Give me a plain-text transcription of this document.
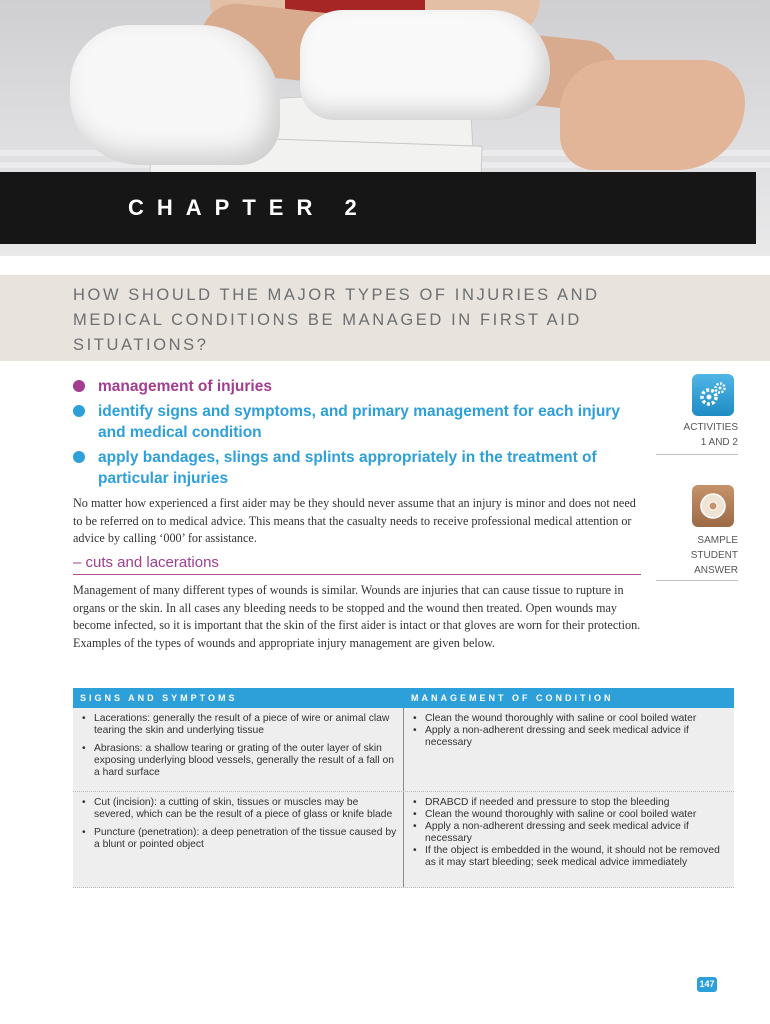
CHAPTER 2
HOW SHOULD THE MAJOR TYPES OF INJURIES AND MEDICAL CONDITIONS BE MANAGED IN FIRST AID SITUATIONS?
management of injuries
identify signs and symptoms, and primary management for each injury and medical condition
apply bandages, slings and splints appropriately in the treatment of particular injuries

No matter how experienced a first aider may be they should never assume that an injury is minor and does not need to be referred on to medical advice. This means that the casualty needs to receive professional medical attention or advice by calling ‘000’ for assistance.

– cuts and lacerations

Management of many different types of wounds is similar. Wounds are injuries that can cause tissue to rupture in organs or the skin. In all cases any bleeding needs to be stopped and the wound then treated. Open wounds may become infected, so it is important that the skin of the first aider is intact or that gloves are worn for their protection. Examples of the types of wounds and appropriate injury management are given below.

ACTIVITIES
1 AND 2
SAMPLE
STUDENT
ANSWER
SIGNS AND SYMPTOMS	MANAGEMENT OF CONDITION
• Lacerations: generally the result of a piece of wire or animal claw tearing the skin and underlying tissue
• Abrasions: a shallow tearing or grating of the outer layer of skin exposing underlying blood vessels, generally the result of a fall on a hard surface
• Clean the wound thoroughly with saline or cool boiled water
• Apply a non-adherent dressing and seek medical advice if necessary
• Cut (incision): a cutting of skin, tissues or muscles may be severed, which can be the result of a piece of glass or knife blade
• Puncture (penetration): a deep penetration of the tissue caused by a blunt or pointed object
• DRABCD if needed and pressure to stop the bleeding
• Clean the wound thoroughly with saline or cool boiled water
• Apply a non-adherent dressing and seek medical advice if necessary
• If the object is embedded in the wound, it should not be removed as it may start bleeding; seek medical advice immediately
147
